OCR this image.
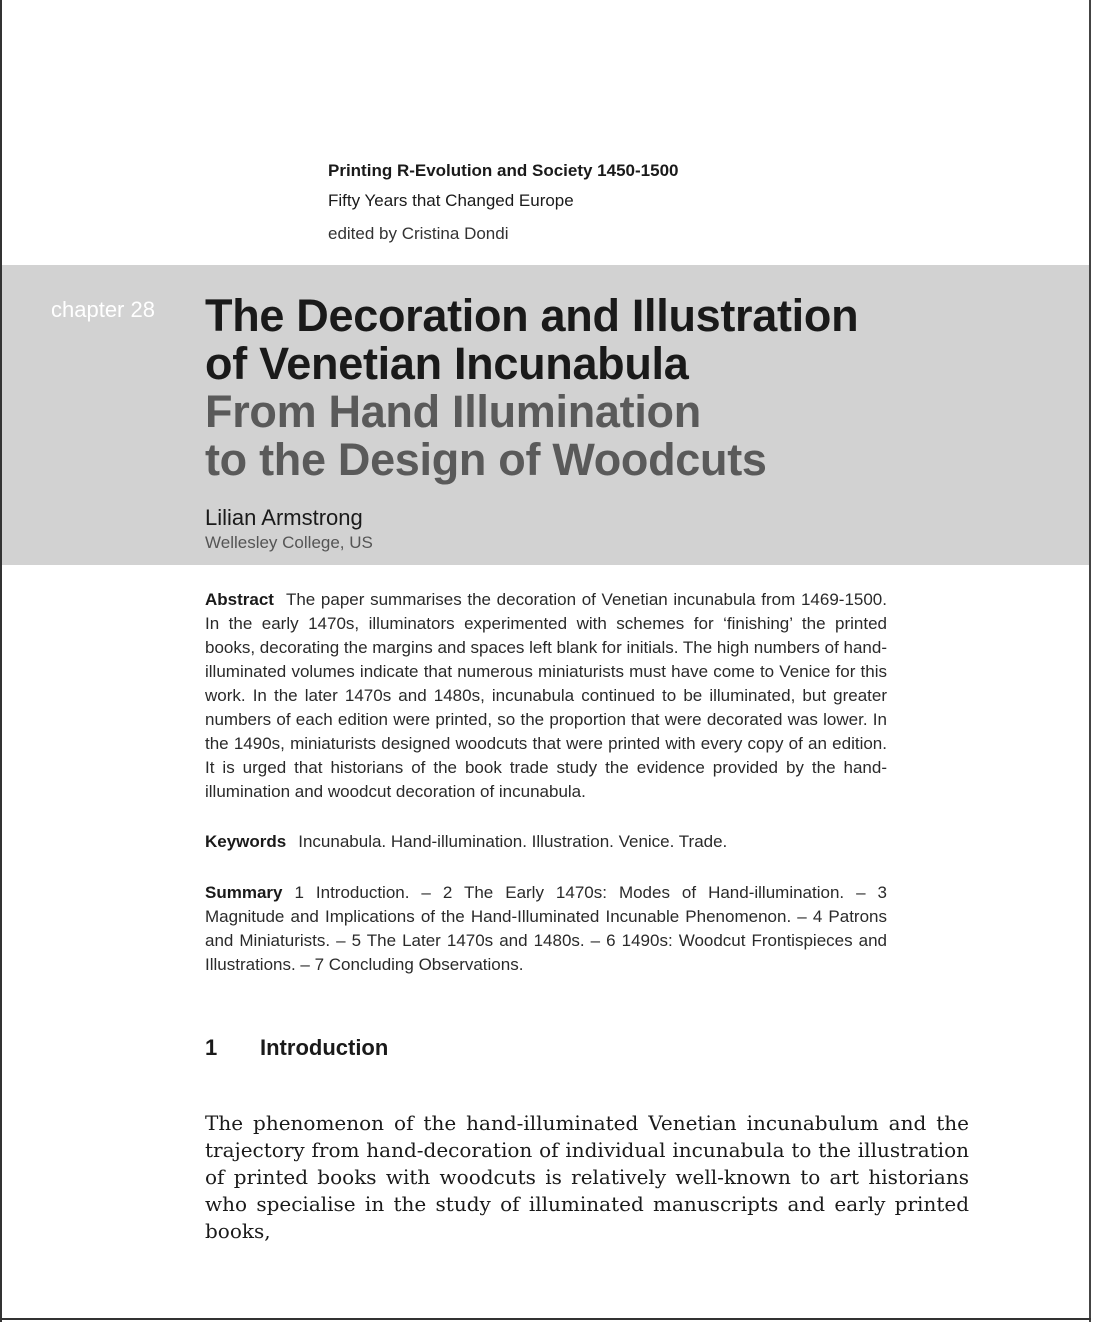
Printing R-Evolution and Society 1450-1500
Fifty Years that Changed Europe
edited by Cristina Dondi
chapter 28 The Decoration and Illustration
of Venetian Incunabula
From Hand Illumination
to the Design of Woodcuts
Lilian Armstrong
Wellesley College, US
Abstract The paper summarises the decoration of Venetian incunabula from 1469-1500. In the early 1470s, illuminators experimented with schemes for ‘finishing’ the printed books, decorating the margins and spaces left blank for initials. The high numbers of hand-illuminated volumes indicate that numerous miniaturists must have come to Venice for this work. In the later 1470s and 1480s, incunabula continued to be illuminated, but greater numbers of each edition were printed, so the proportion that were decorated was lower. In the 1490s, miniaturists designed woodcuts that were printed with every copy of an edition. It is urged that historians of the book trade study the evidence provided by the hand-illumination and woodcut decoration of incunabula.
Keywords Incunabula. Hand-illumination. Illustration. Venice. Trade.
Summary 1 Introduction. – 2 The Early 1470s: Modes of Hand-illumination. – 3 Magnitude and Implications of the Hand-Illuminated Incunable Phenomenon. – 4 Patrons and Miniaturists. – 5 The Later 1470s and 1480s. – 6 1490s: Woodcut Frontispieces and Illustrations. – 7 Concluding Observations.
1 Introduction
The phenomenon of the hand-illuminated Venetian incunabulum and the trajectory from hand-decoration of individual incunabula to the illustration of printed books with woodcuts is relatively well-known to art historians who specialise in the study of illuminated manuscripts and early printed books,
